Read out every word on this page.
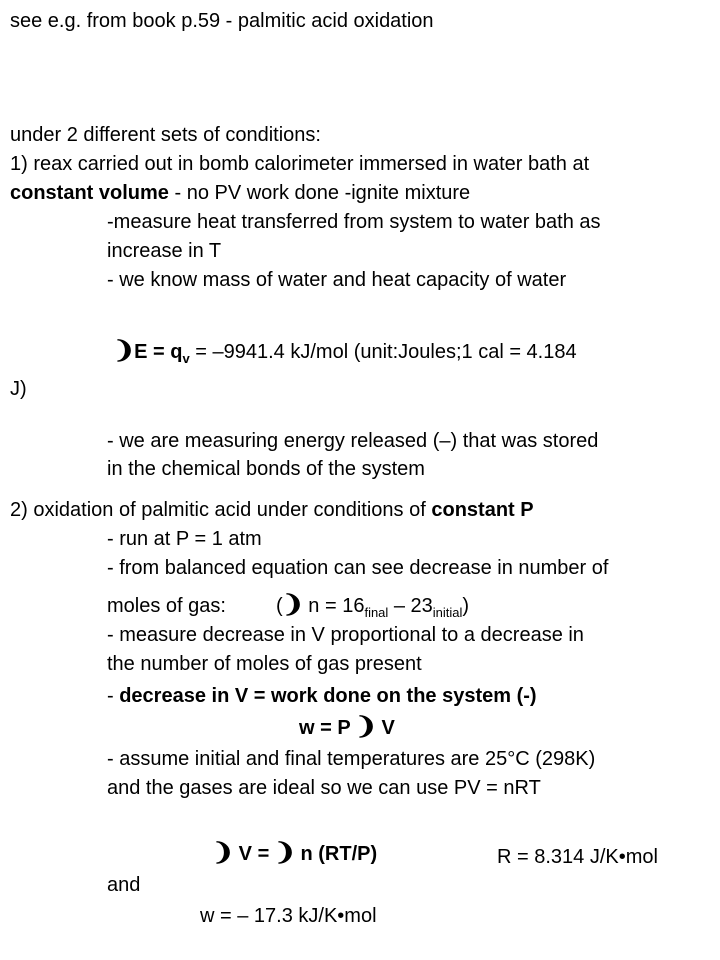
see e.g. from book p.59 - palmitic acid oxidation
under 2 different sets of conditions:
1) reax carried out in bomb calorimeter immersed in water bath at
constant volume - no PV work done -ignite mixture
-measure heat transferred from system to water bath as
increase in T
- we know mass of water and heat capacity of water
❩E = $q_v = -9941.4$ kJ/mol (unit:Joules;1 cal = 4.184
J)
- we are measuring energy released (–) that was stored
in the chemical bonds of the system
2) oxidation of palmitic acid under conditions of constant P
- run at P = 1 atm
- from balanced equation can see decrease in number of
moles of gas:	(❩ $n = 16_{final} - 23_{initial}$)
- measure decrease in V proportional to a decrease in
the number of moles of gas present
- decrease in V = work done on the system (-)
w = P ❩ V
- assume initial and final temperatures are 25°C (298K)
and the gases are ideal so we can use PV = nRT
❩ V = ❩ n (RT/P)	R = 8.314 J/K•mol
and
w = – 17.3 kJ/K•mol
